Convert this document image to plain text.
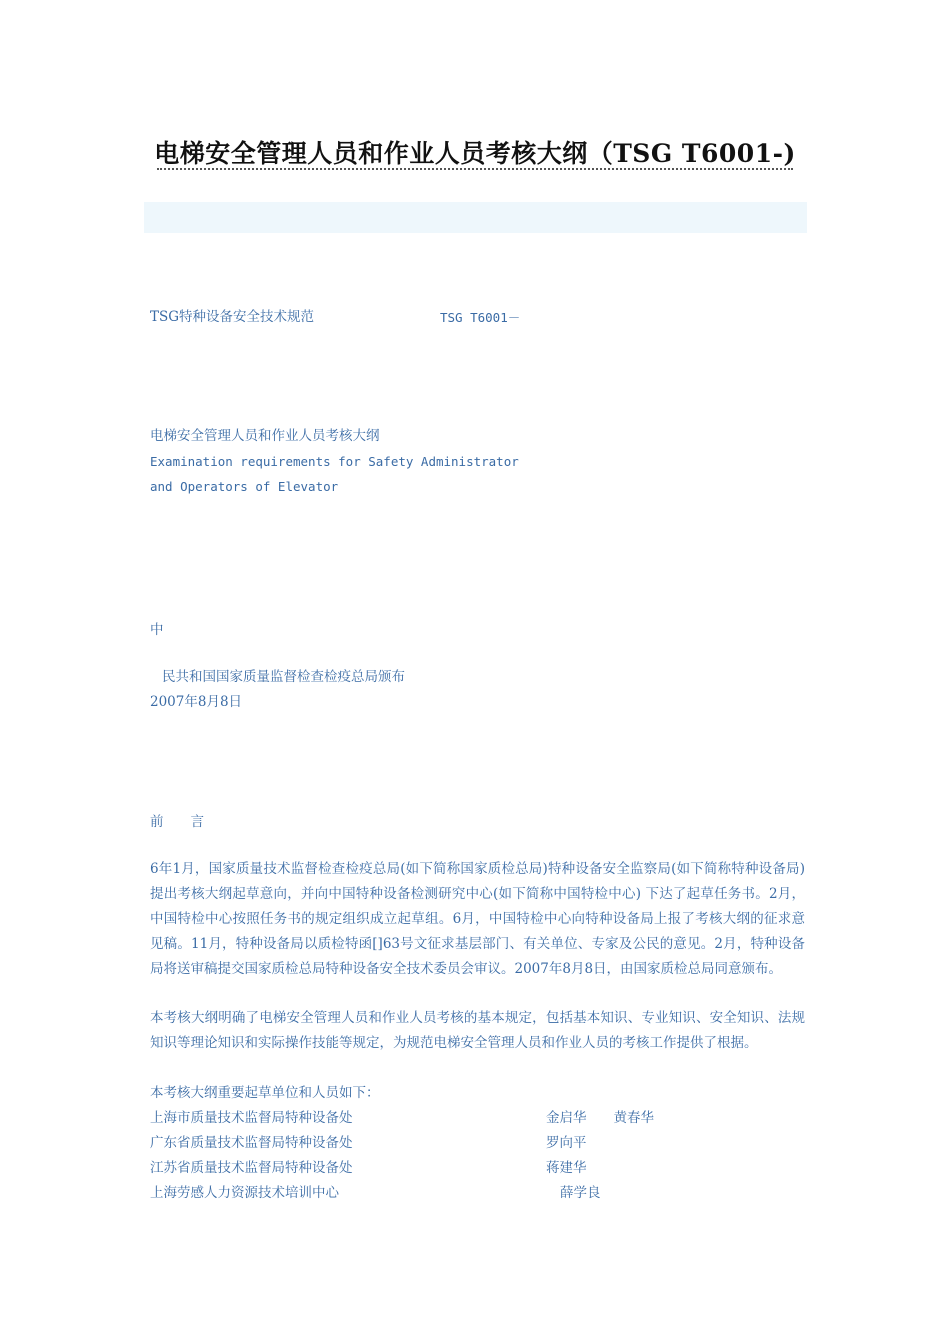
电梯安全管理人员和作业人员考核大纲（TSG T6001-)
TSG特种设备安全技术规范	TSG T6001－
电梯安全管理人员和作业人员考核大纲
Examination requirements for Safety Administrator
and Operators of Elevator
中
民共和国国家质量监督检查检疫总局颁布
2007年8月8日
前　　言
6年1月，国家质量技术监督检查检疫总局(如下简称国家质检总局)特种设备安全监察局(如下简称特种设备局)提出考核大纲起草意向，并向中国特种设备检测研究中心(如下简称中国特检中心) 下达了起草任务书。2月，中国特检中心按照任务书的规定组织成立起草组。6月，中国特检中心向特种设备局上报了考核大纲的征求意见稿。11月，特种设备局以质检特函[]63号文征求基层部门、有关单位、专家及公民的意见。2月，特种设备局将送审稿提交国家质检总局特种设备安全技术委员会审议。2007年8月8日，由国家质检总局同意颁布。
本考核大纲明确了电梯安全管理人员和作业人员考核的基本规定，包括基本知识、专业知识、安全知识、法规知识等理论知识和实际操作技能等规定，为规范电梯安全管理人员和作业人员的考核工作提供了根据。
本考核大纲重要起草单位和人员如下：
上海市质量技术监督局特种设备处	金启华　　黄春华
广东省质量技术监督局特种设备处	罗向平
江苏省质量技术监督局特种设备处	蒋建华
上海劳感人力资源技术培训中心	薛学良
